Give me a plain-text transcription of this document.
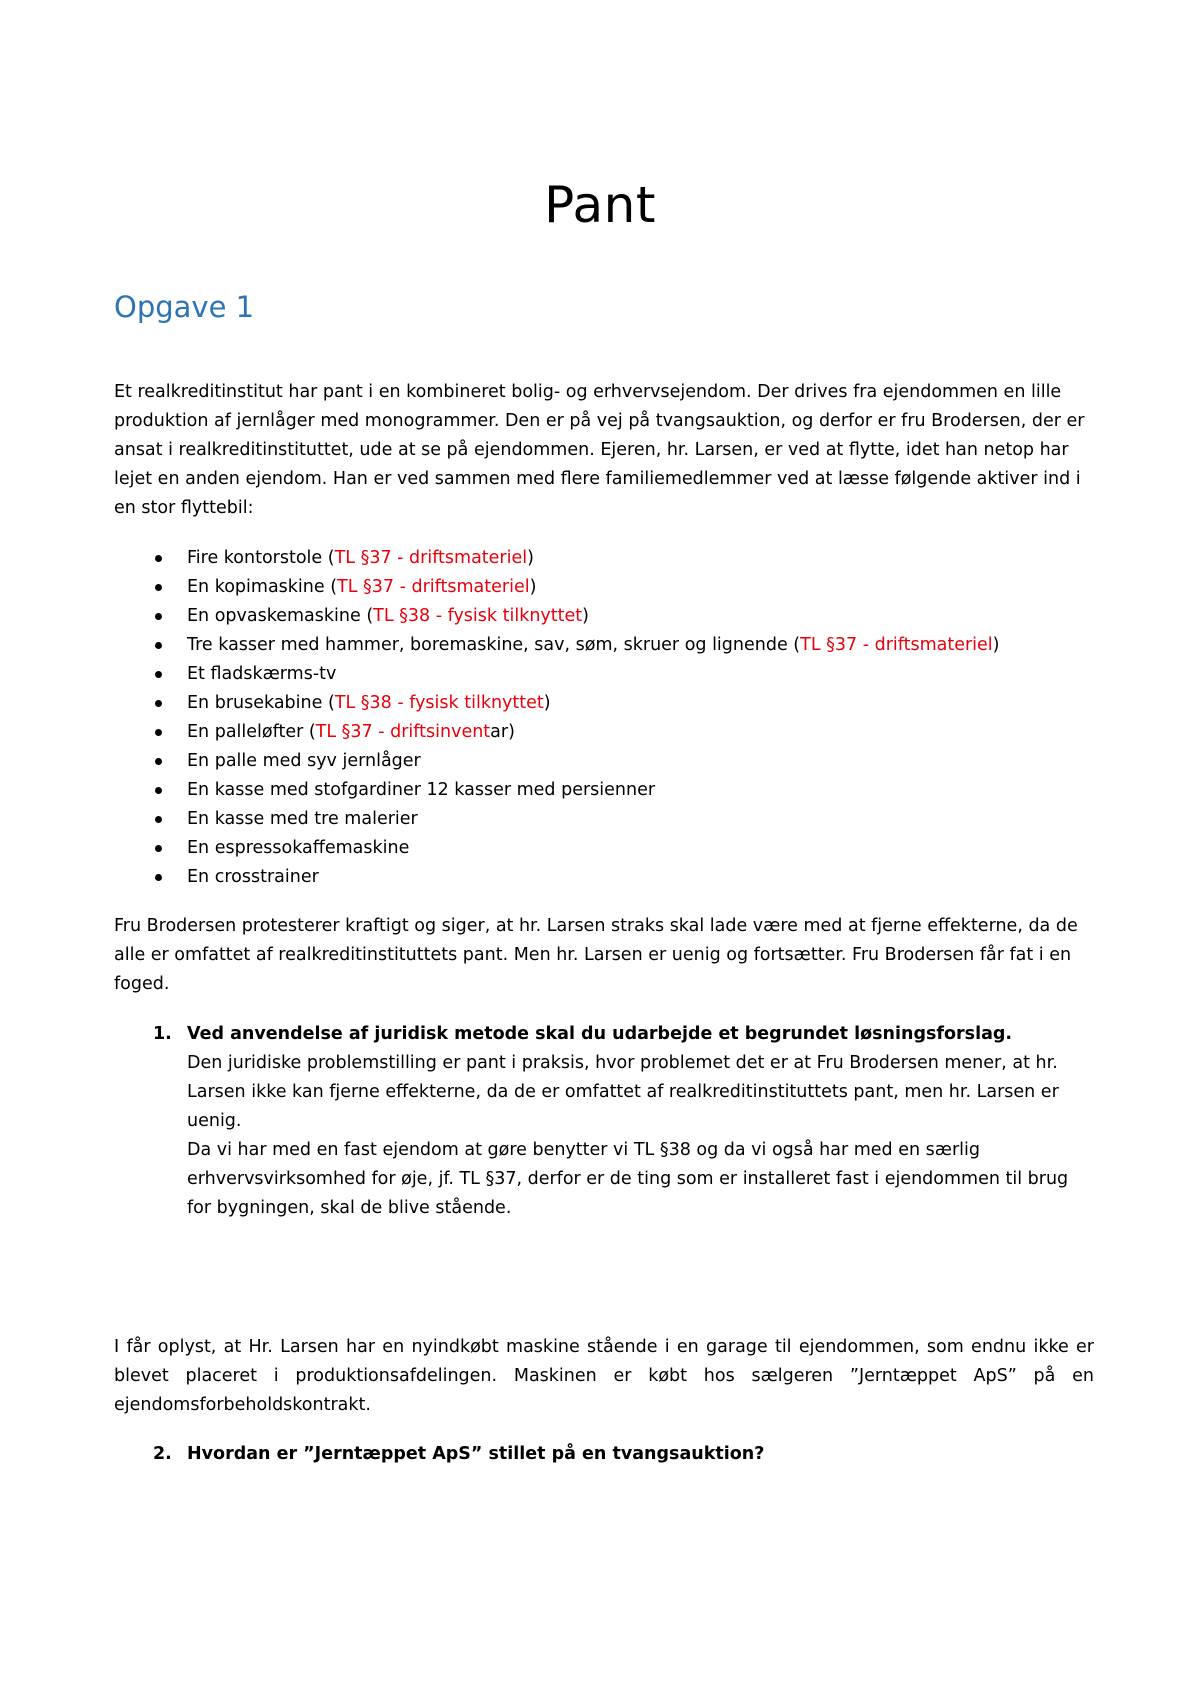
Pant
Opgave 1

Et realkreditinstitut har pant i en kombineret bolig- og erhvervsejendom. Der drives fra ejendommen en lille produktion af jernlåger med monogrammer. Den er på vej på tvangsauktion, og derfor er fru Brodersen, der er ansat i realkreditinstituttet, ude at se på ejendommen. Ejeren, hr. Larsen, er ved at flytte, idet han netop har lejet en anden ejendom. Han er ved sammen med flere familiemedlemmer ved at læsse følgende aktiver ind i en stor flyttebil:

Fire kontorstole (TL §37 - driftsmateriel)
En kopimaskine (TL §37 - driftsmateriel)
En opvaskemaskine (TL §38 - fysisk tilknyttet)
Tre kasser med hammer, boremaskine, sav, søm, skruer og lignende (TL §37 - driftsmateriel)
Et fladskærms-tv
En brusekabine (TL §38 - fysisk tilknyttet)
En palleløfter (TL §37 - driftsinventar)
En palle med syv jernlåger
En kasse med stofgardiner 12 kasser med persienner
En kasse med tre malerier
En espressokaffemaskine
En crosstrainer

Fru Brodersen protesterer kraftigt og siger, at hr. Larsen straks skal lade være med at fjerne effekterne, da de alle er omfattet af realkreditinstituttets pant. Men hr. Larsen er uenig og fortsætter. Fru Brodersen får fat i en foged.

1. Ved anvendelse af juridisk metode skal du udarbejde et begrundet løsningsforslag.
Den juridiske problemstilling er pant i praksis, hvor problemet det er at Fru Brodersen mener, at hr. Larsen ikke kan fjerne effekterne, da de er omfattet af realkreditinstituttets pant, men hr. Larsen er uenig.
Da vi har med en fast ejendom at gøre benytter vi TL §38 og da vi også har med en særlig erhvervsvirksomhed for øje, jf. TL §37, derfor er de ting som er installeret fast i ejendommen til brug for bygningen, skal de blive stående.

I får oplyst, at Hr. Larsen har en nyindkøbt maskine stående i en garage til ejendommen, som endnu ikke er blevet placeret i produktionsafdelingen. Maskinen er købt hos sælgeren ”Jerntæppet ApS” på en ejendomsforbeholdskontrakt.

2. Hvordan er ”Jerntæppet ApS” stillet på en tvangsauktion?
